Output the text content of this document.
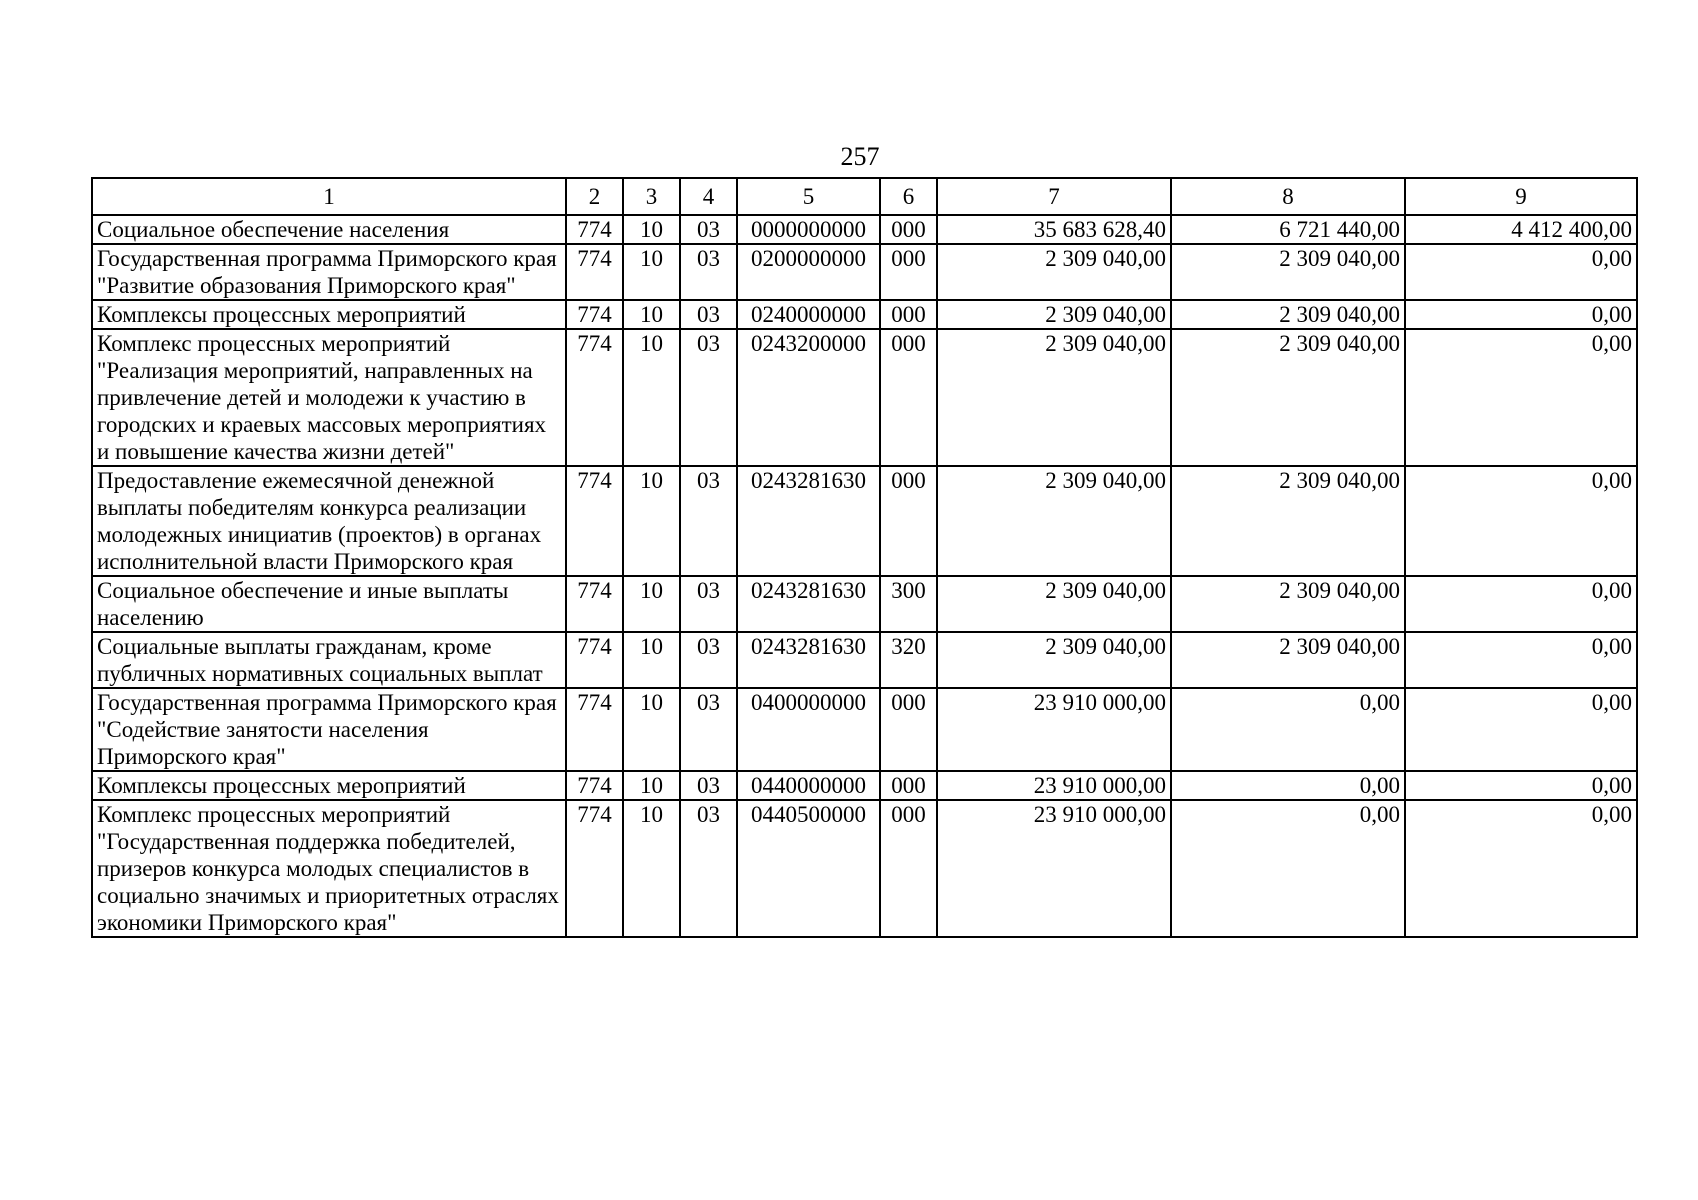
257
1	2	3	4	5	6	7	8	9
Социальное обеспечение населения	774	10	03	0000000000	000	35 683 628,40	6 721 440,00	4 412 400,00
Государственная программа Приморского края "Развитие образования Приморского края"	774	10	03	0200000000	000	2 309 040,00	2 309 040,00	0,00
Комплексы процессных мероприятий	774	10	03	0240000000	000	2 309 040,00	2 309 040,00	0,00
Комплекс процессных мероприятий "Реализация мероприятий, направленных на привлечение детей и молодежи к участию в городских и краевых массовых мероприятиях и повышение качества жизни детей"	774	10	03	0243200000	000	2 309 040,00	2 309 040,00	0,00
Предоставление ежемесячной денежной выплаты победителям конкурса реализации молодежных инициатив (проектов) в органах исполнительной власти Приморского края	774	10	03	0243281630	000	2 309 040,00	2 309 040,00	0,00
Социальное обеспечение и иные выплаты населению	774	10	03	0243281630	300	2 309 040,00	2 309 040,00	0,00
Социальные выплаты гражданам, кроме публичных нормативных социальных выплат	774	10	03	0243281630	320	2 309 040,00	2 309 040,00	0,00
Государственная программа Приморского края "Содействие занятости населения Приморского края"	774	10	03	0400000000	000	23 910 000,00	0,00	0,00
Комплексы процессных мероприятий	774	10	03	0440000000	000	23 910 000,00	0,00	0,00
Комплекс процессных мероприятий "Государственная поддержка победителей, призеров конкурса молодых специалистов в социально значимых и приоритетных отраслях экономики Приморского края"	774	10	03	0440500000	000	23 910 000,00	0,00	0,00
